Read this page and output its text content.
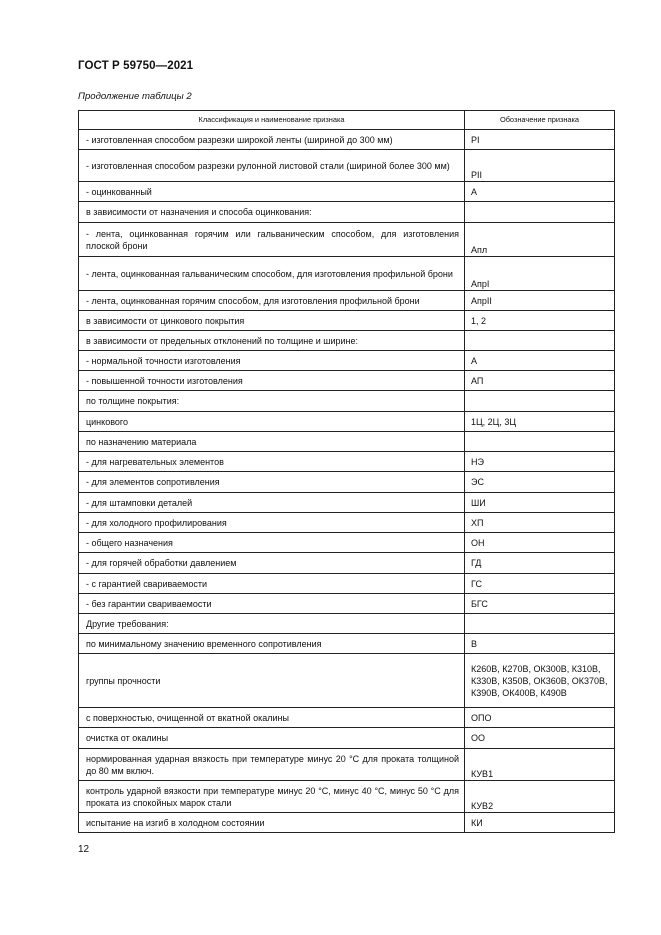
ГОСТ Р 59750—2021
Продолжение таблицы 2
Классификация и наименование признака	Обозначение признака
- изготовленная способом разрезки широкой ленты (шириной до 300 мм)	PI
- изготовленная способом разрезки рулонной листовой стали (шириной более 300 мм)	PII
- оцинкованный	А
в зависимости от назначения и способа оцинкования:	
- лента, оцинкованная горячим или гальваническим способом, для изготовления плоской брони	Апл
- лента, оцинкованная гальваническим способом, для изготовления профильной брони	АпрI
- лента, оцинкованная горячим способом, для изготовления профильной брони	АпрII
в зависимости от цинкового покрытия	1, 2
в зависимости от предельных отклонений по толщине и ширине:	
- нормальной точности изготовления	А
- повышенной точности изготовления	АП
по толщине покрытия:	
цинкового	1Ц, 2Ц, 3Ц
по назначению материала	
- для нагревательных элементов	НЭ
- для элементов сопротивления	ЭС
- для штамповки деталей	ШИ
- для холодного профилирования	ХП
- общего назначения	ОН
- для горячей обработки давлением	ГД
- с гарантией свариваемости	ГС
- без гарантии свариваемости	БГС
Другие требования:	
по минимальному значению временного сопротивления	В
группы прочности	К260В, К270В, ОК300В, К310В, К330В, К350В, ОК360В, ОК370В, К390В, ОК400В, К490В
с поверхностью, очищенной от вкатной окалины	ОПО
очистка от окалины	ОО
нормированная ударная вязкость при температуре минус 20 °С для проката толщиной до 80 мм включ.	КУВ1
контроль ударной вязкости при температуре минус 20 °С, минус 40 °С, минус 50 °С для проката из спокойных марок стали	КУВ2
испытание на изгиб в холодном состоянии	КИ
12
